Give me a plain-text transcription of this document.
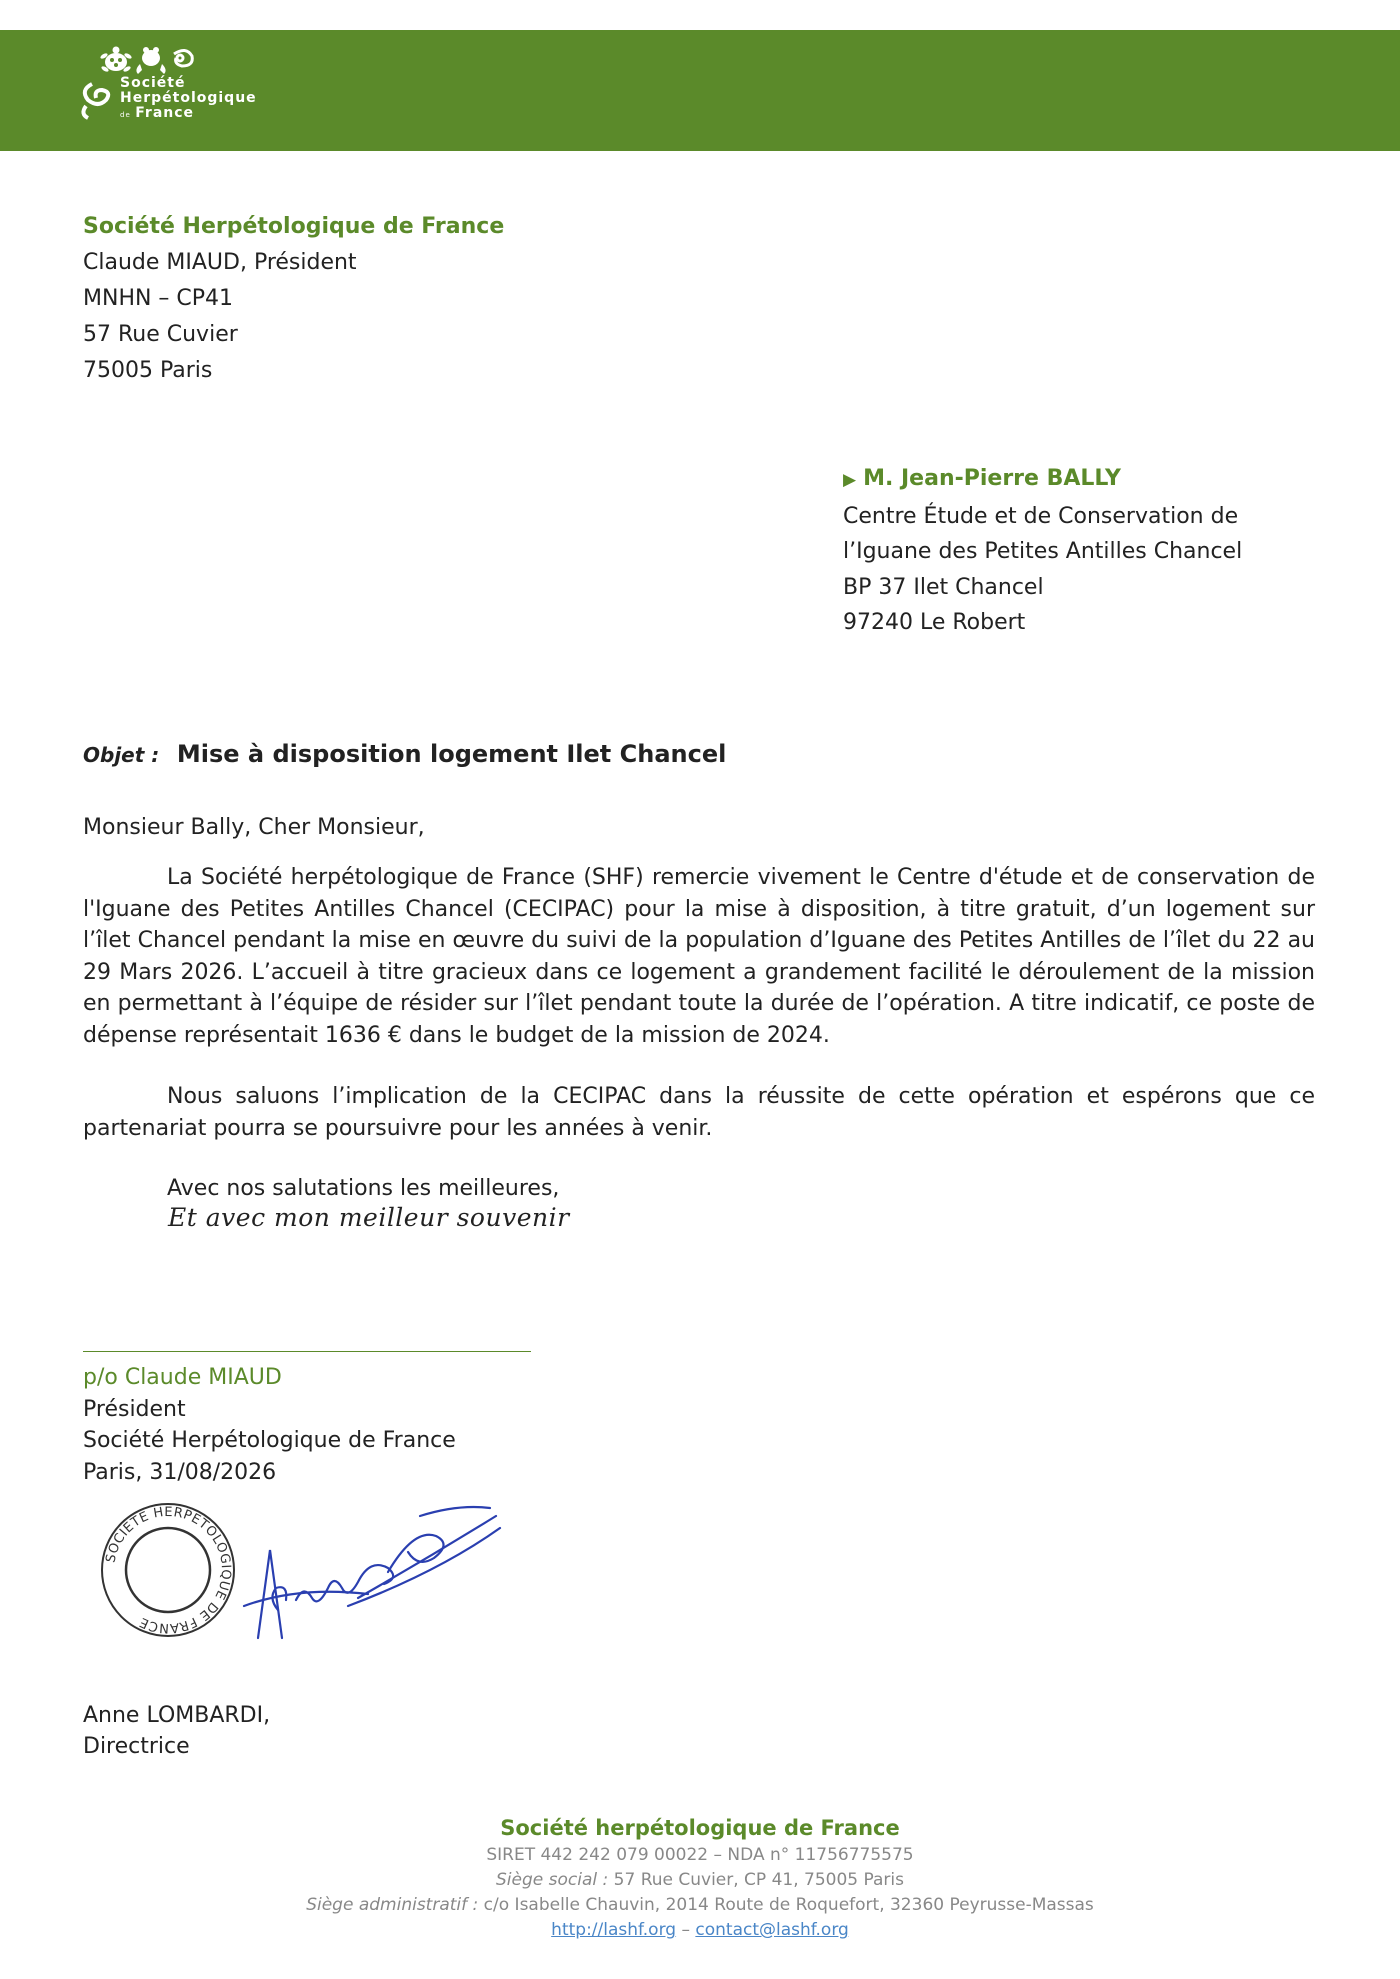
Société
Herpétologique
de France
Société Herpétologique de France
Claude MIAUD, Président
MNHN – CP41
57 Rue Cuvier
75005 Paris
▶ M. Jean-Pierre BALLY
Centre Étude et de Conservation de
l’Iguane des Petites Antilles Chancel
BP 37 Ilet Chancel
97240 Le Robert
Objet : Mise à disposition logement Ilet Chancel
Monsieur Bally, Cher Monsieur,

La Société herpétologique de France (SHF) remercie vivement le Centre d'étude et de conservation de l'Iguane des Petites Antilles Chancel (CECIPAC) pour la mise à disposition, à titre gratuit, d’un logement sur l’îlet Chancel pendant la mise en œuvre du suivi de la population d’Iguane des Petites Antilles de l’îlet du 22 au 29 Mars 2026. L’accueil à titre gracieux dans ce logement a grandement facilité le déroulement de la mission en permettant à l’équipe de résider sur l’îlet pendant toute la durée de l’opération. A titre indicatif, ce poste de dépense représentait 1636 € dans le budget de la mission de 2024.

Nous saluons l’implication de la CECIPAC dans la réussite de cette opération et espérons que ce partenariat pourra se poursuivre pour les années à venir.

Avec nos salutations les meilleures,
Et avec mon meilleur souvenir
p/o Claude MIAUD
Président
Société Herpétologique de France
Paris, 31/08/2026
SOCIETE HERPETOLOGIQUE DE FRANCE
Anne LOMBARDI,
Directrice
Société herpétologique de France
SIRET 442 242 079 00022 – NDA n° 11756775575
Siège social : 57 Rue Cuvier, CP 41, 75005 Paris
Siège administratif : c/o Isabelle Chauvin, 2014 Route de Roquefort, 32360 Peyrusse-Massas
http://lashf.org – contact@lashf.org
